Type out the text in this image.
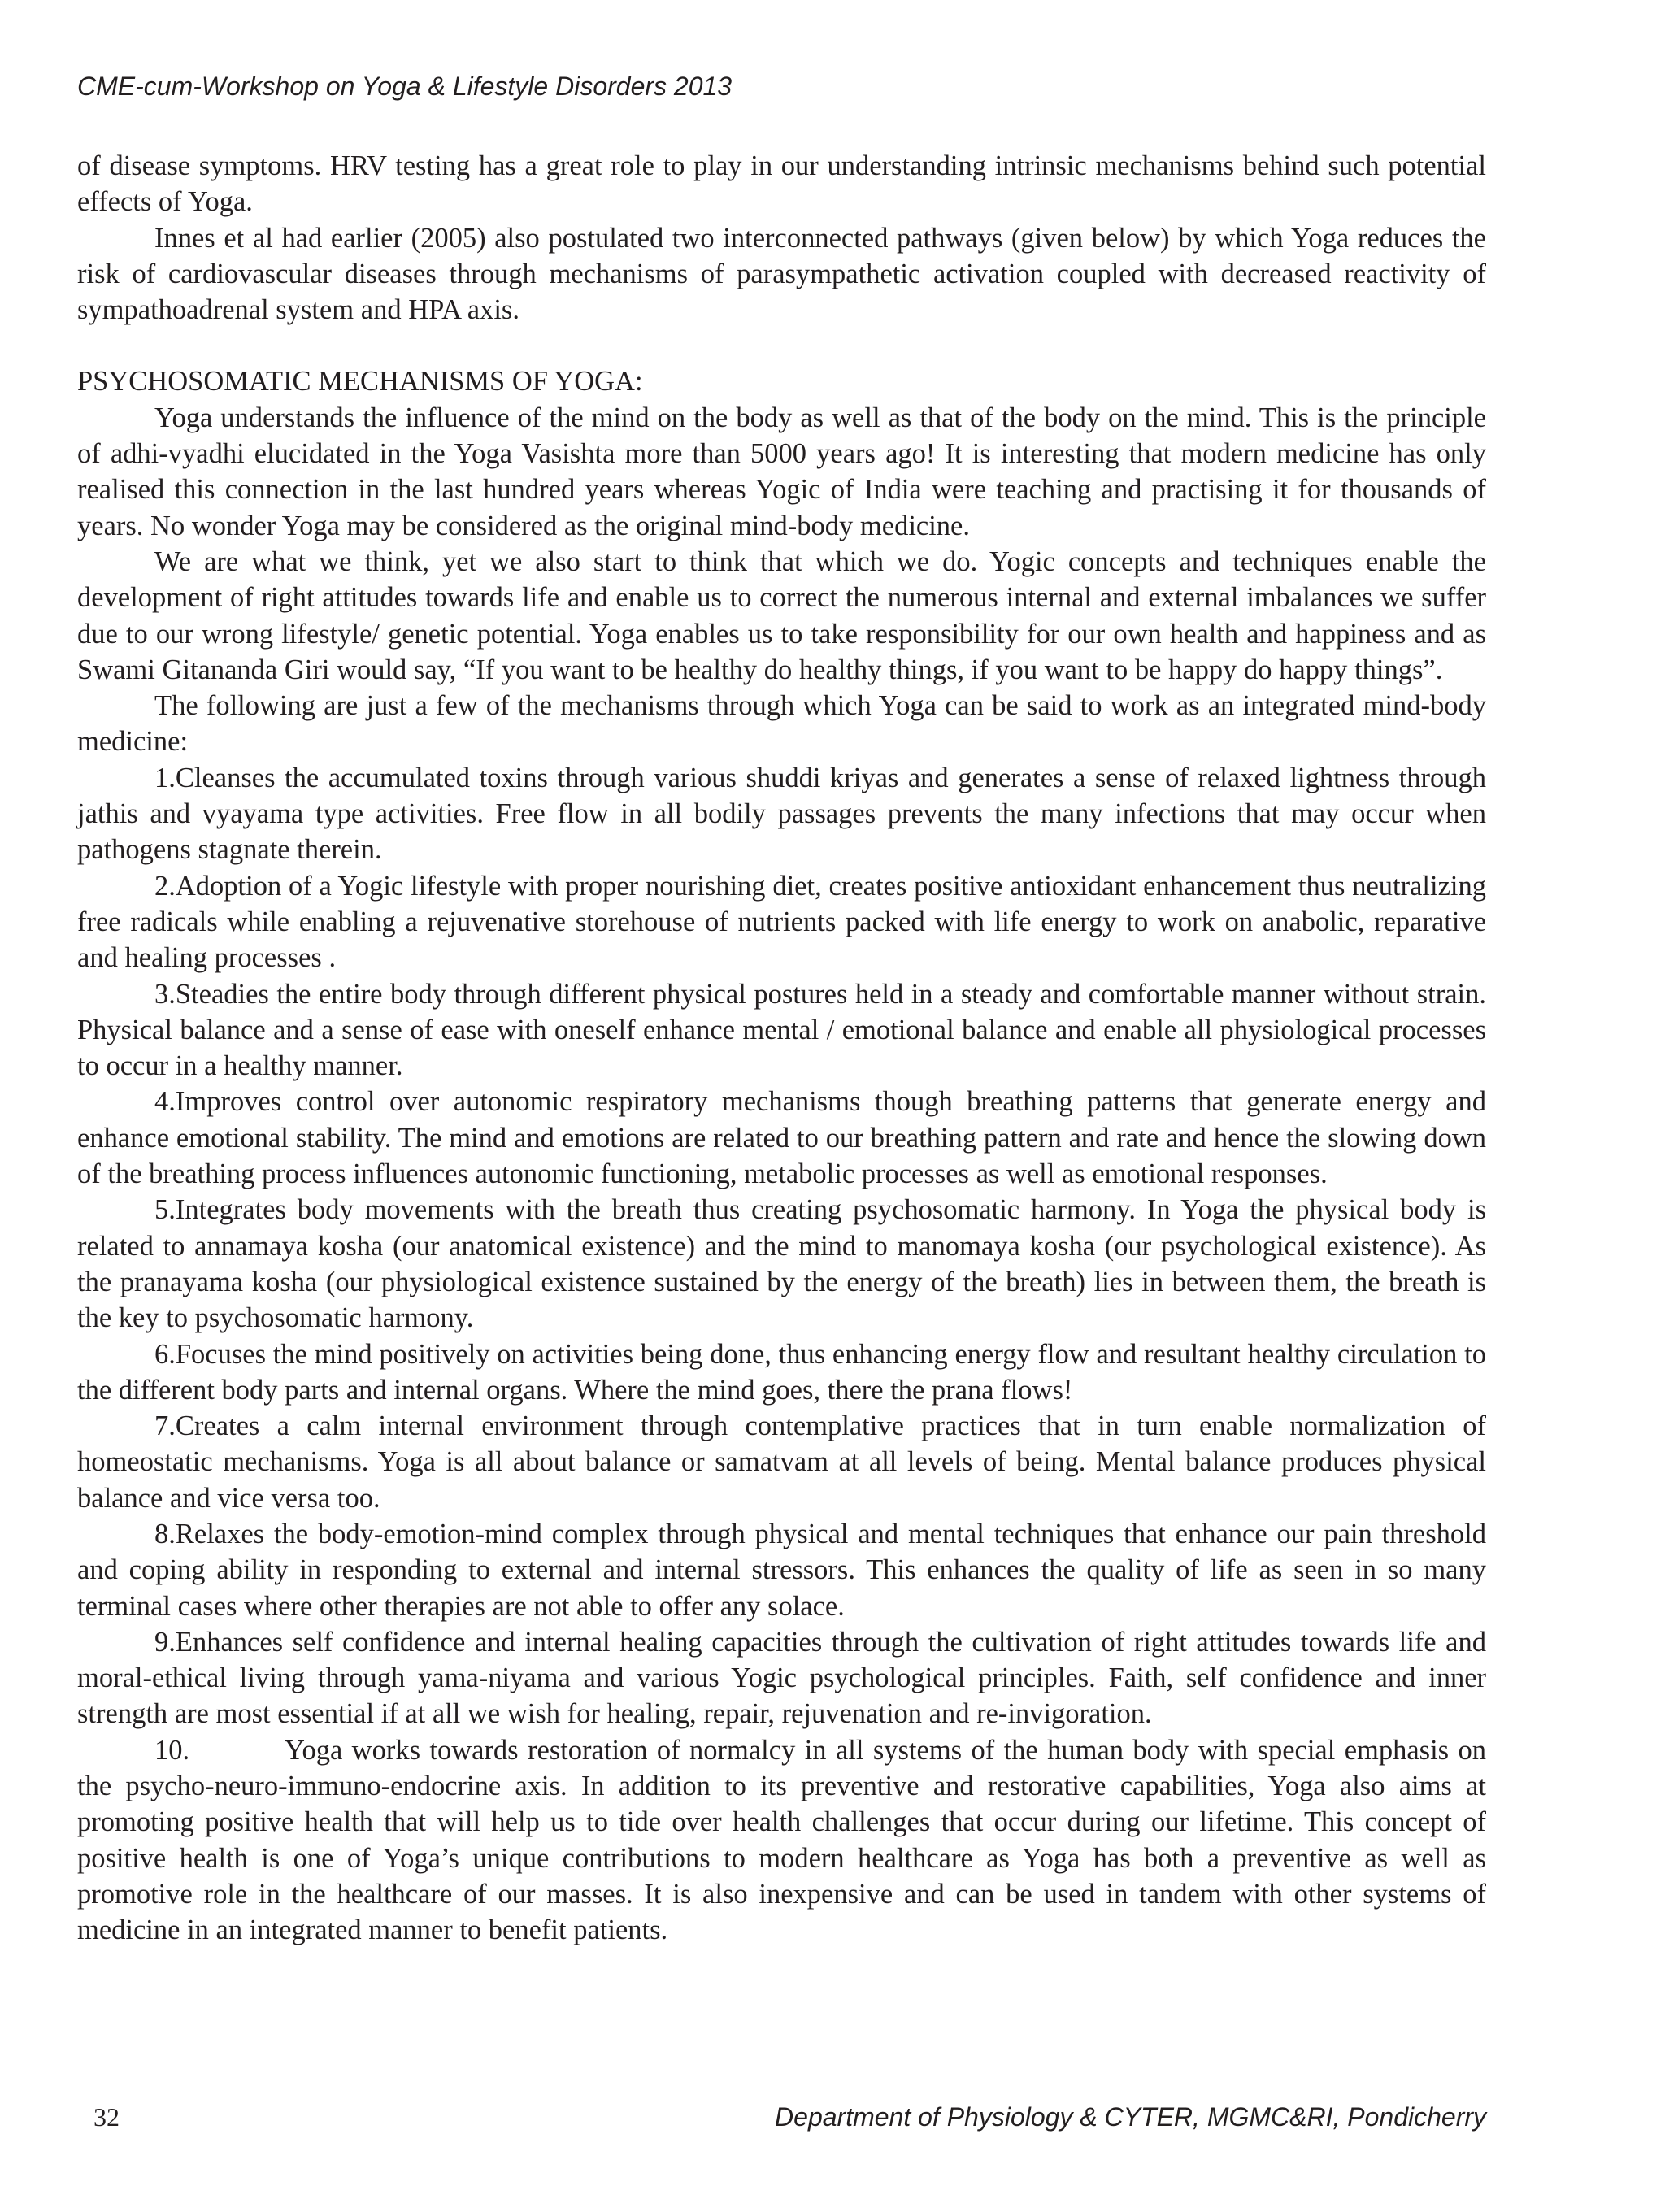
CME-cum-Workshop on Yoga & Lifestyle Disorders 2013

of disease symptoms. HRV testing has a great role to play in our understanding intrinsic mechanisms behind such potential effects of Yoga.

Innes et al had earlier (2005) also postulated two interconnected pathways (given below) by which Yoga reduces the risk of cardiovascular diseases through mechanisms of parasympathetic activation coupled with decreased reactivity of sympathoadrenal system and HPA axis.

PSYCHOSOMATIC MECHANISMS OF YOGA:

Yoga understands the influence of the mind on the body as well as that of the body on the mind. This is the principle of adhi-vyadhi elucidated in the Yoga Vasishta more than 5000 years ago! It is interesting that modern medicine has only realised this connection in the last hundred years whereas Yogic of India were teaching and practising it for thousands of years. No wonder Yoga may be considered as the original mind-body medicine.

We are what we think, yet we also start to think that which we do. Yogic concepts and techniques enable the development of right attitudes towards life and enable us to correct the numerous internal and external imbalances we suffer due to our wrong lifestyle/ genetic potential. Yoga enables us to take responsibility for our own health and happiness and as Swami Gitananda Giri would say, “If you want to be healthy do healthy things, if you want to be happy do happy things”.

The following are just a few of the mechanisms through which Yoga can be said to work as an integrated mind-body medicine:

1.Cleanses the accumulated toxins through various shuddi kriyas and generates a sense of relaxed lightness through jathis and vyayama type activities. Free flow in all bodily passages prevents the many infections that may occur when pathogens stagnate therein.

2.Adoption of a Yogic lifestyle with proper nourishing diet, creates positive antioxidant enhancement thus neutralizing free radicals while enabling a rejuvenative storehouse of nutrients packed with life energy to work on anabolic, reparative and healing processes .

3.Steadies the entire body through different physical postures held in a steady and comfortable manner without strain. Physical balance and a sense of ease with oneself enhance mental / emotional balance and enable all physiological processes to occur in a healthy manner.

4.Improves control over autonomic respiratory mechanisms though breathing patterns that generate energy and enhance emotional stability. The mind and emotions are related to our breathing pattern and rate and hence the slowing down of the breathing process influences autonomic functioning, metabolic processes as well as emotional responses.

5.Integrates body movements with the breath thus creating psychosomatic harmony. In Yoga the physical body is related to annamaya kosha (our anatomical existence) and the mind to manomaya kosha (our psychological existence). As the pranayama kosha (our physiological existence sustained by the energy of the breath) lies in between them, the breath is the key to psychosomatic harmony.

6.Focuses the mind positively on activities being done, thus enhancing energy flow and resultant healthy circulation to the different body parts and internal organs. Where the mind goes, there the prana flows!

7.Creates a calm internal environment through contemplative practices that in turn enable normalization of homeostatic mechanisms. Yoga is all about balance or samatvam at all levels of being. Mental balance produces physical balance and vice versa too.

8.Relaxes the body-emotion-mind complex through physical and mental techniques that enhance our pain threshold and coping ability in responding to external and internal stressors. This enhances the quality of life as seen in so many terminal cases where other therapies are not able to offer any solace.

9.Enhances self confidence and internal healing capacities through the cultivation of right attitudes towards life and moral-ethical living through yama-niyama and various Yogic psychological principles. Faith, self confidence and inner strength are most essential if at all we wish for healing, repair, rejuvenation and re-invigoration.

10.	Yoga works towards restoration of normalcy in all systems of the human body with special emphasis on the psycho-neuro-immuno-endocrine axis. In addition to its preventive and restorative capabilities, Yoga also aims at promoting positive health that will help us to tide over health challenges that occur during our lifetime. This concept of positive health is one of Yoga’s unique contributions to modern healthcare as Yoga has both a preventive as well as promotive role in the healthcare of our masses. It is also inexpensive and can be used in tandem with other systems of medicine in an integrated manner to benefit patients.

32	Department of Physiology & CYTER, MGMC&RI, Pondicherry
